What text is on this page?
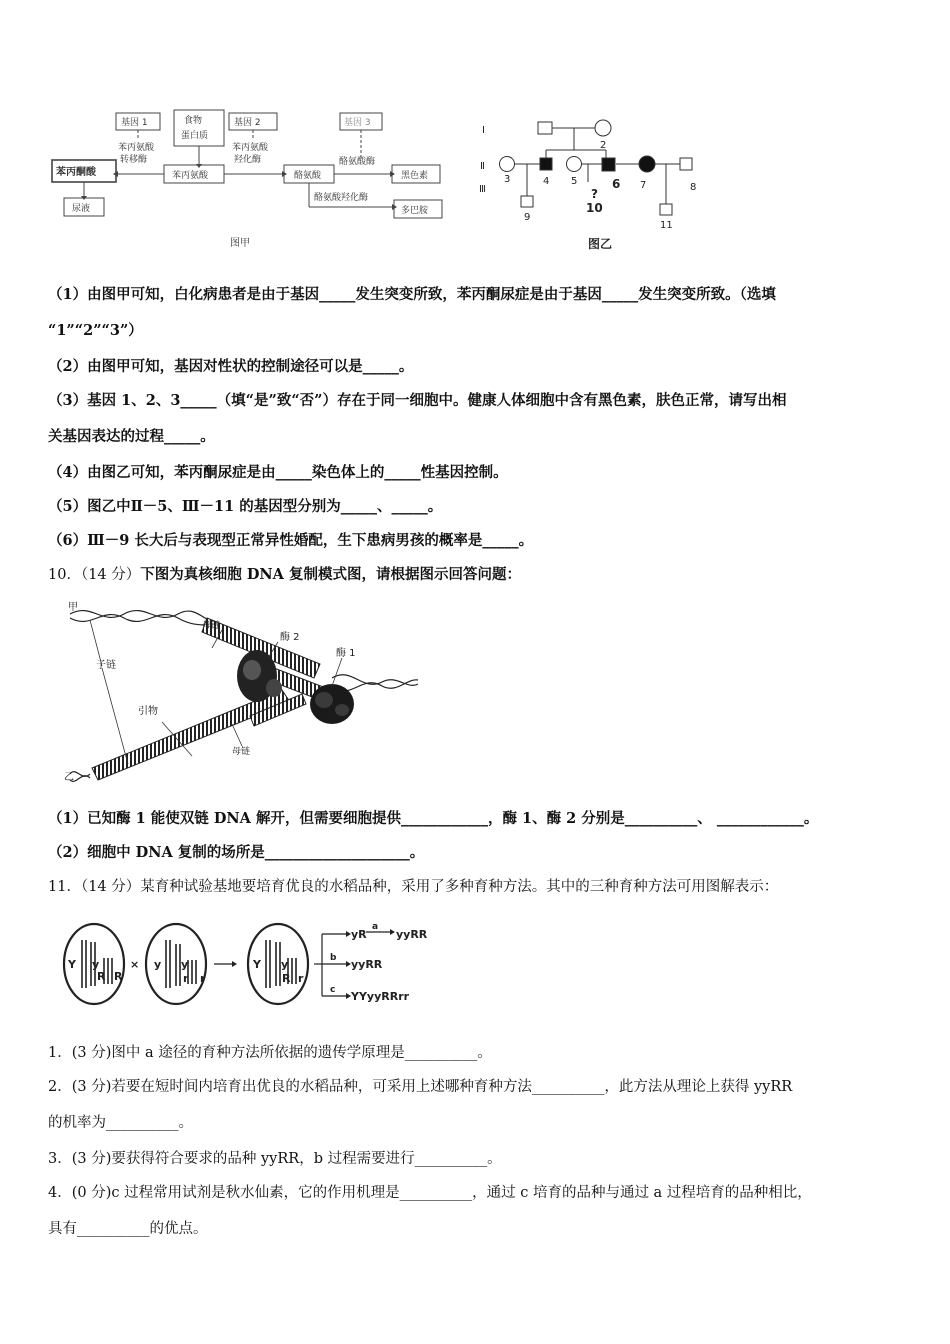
基因 1	食物
蛋白质
基因 2	基因 3
苯丙氨酸
转移酶
苯丙氨酸
羟化酶	酪氨酸酶
苯丙酮酸	苯丙氨酸	酪氨酸	黑色素
尿液
酪氨酸羟化酶
多巴胺
图甲
Ⅰ
Ⅱ
Ⅲ
2
3	4 5	6 7	8
9
?
10
11
图乙
（1）由图甲可知，白化病患者是由于基因_____发生突变所致，苯丙酮尿症是由于基因_____发生突变所致。（选填
“1”“2”“3”）
（2）由图甲可知，基因对性状的控制途径可以是_____。
（3）基因 1、2、3_____（填“是”致“否”）存在于同一细胞中。健康人体细胞中含有黑色素，肤色正常，请写出相
关基因表达的过程_____。
（4）由图乙可知，苯丙酮尿症是由_____染色体上的_____性基因控制。
（5）图乙中Ⅱ－5、Ⅲ－11 的基因型分别为_____、_____。
（6）Ⅲ－9 长大后与表现型正常异性婚配，生下患病男孩的概率是_____。
10．（14 分）下图为真核细胞 DNA 复制模式图，请根据图示回答问题：
甲
母链
酶 2
酶 1
子链
引物
母链
乙
（1）已知酶 1 能使双链 DNA 解开，但需要细胞提供____________，酶 1、酶 2 分别是__________、 ____________。
（2）细胞中 DNA 复制的场所是____________________。
11．（14 分）某育种试验基地要培育优良的水稻品种，采用了多种育种方法。其中的三种育种方法可用图解表示：
Y y
R R
× y y
r r
Y y
R r
yR
a
yyRR
b yyRR
c YYyyRRrr
1．(3 分)图中 a 途径的育种方法所依据的遗传学原理是__________。
2．(3 分)若要在短时间内培育出优良的水稻品种，可采用上述哪种育种方法__________，此方法从理论上获得 yyRR
的机率为__________。
3．(3 分)要获得符合要求的品种 yyRR，b 过程需要进行__________。
4．(0 分)c 过程常用试剂是秋水仙素，它的作用机理是__________，通过 c 培育的品种与通过 a 过程培育的品种相比，
具有__________的优点。
